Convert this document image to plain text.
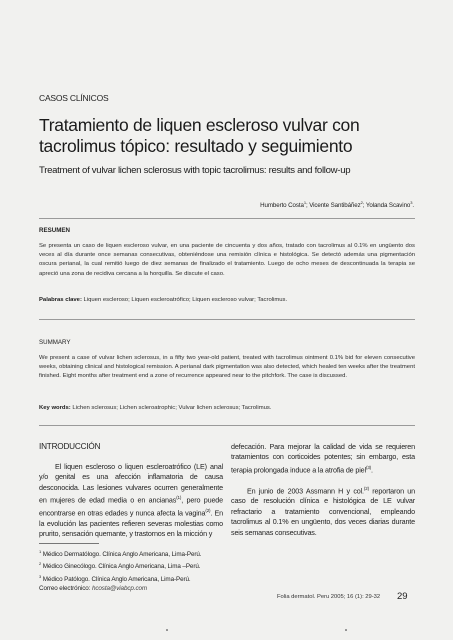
CASOS CLÍNICOS
Tratamiento de liquen escleroso vulvar con tacrolimus tópico: resultado y seguimiento
Treatment of vulvar lichen sclerosus with topic tacrolimus: results and follow-up
Humberto Costa$^1$; Vicente Santibáñez$^2$; Yolanda Scavino$^3$.
RESUMEN
Se presenta un caso de liquen escleroso vulvar, en una paciente de cincuenta y dos años, tratado con tacrolimus al 0.1% en ungüento dos veces al día durante once semanas consecutivas, obteniéndose una remisión clínica e histológica. Se detectó además una pigmentación oscura perianal, la cual remitió luego de diez semanas de finalizado el tratamiento. Luego de ocho meses de descontinuada la terapia se apreció una zona de recidiva cercana a la horquilla. Se discute el caso.
Palabras clave: Liquen escleroso; Liquen escleroatrófico; Liquen escleroso vulvar; Tacrolimus.
SUMMARY
We present a case of vulvar lichen sclerosus, in a fifty two year-old patient, treated with tacrolimus ointment 0.1% bid for eleven consecutive weeks, obtaining clinical and histological remission. A perianal dark pigmentation was also detected, which healed ten weeks after the treatment finished. Eight months after treatment end a zone of recurrence appeared near to the pitchfork. The case is discussed.
Key words: Lichen sclerosus; Lichen scleroatrophic; Vulvar lichen sclerosus; Tacrolimus.
INTRODUCCIÓN

El liquen escleroso o liquen escleroatrófico (LE) anal y/o genital es una afección inflamatoria de causa desconocida. Las lesiones vulvares ocurren generalmente en mujeres de edad media o en ancianas$^{(1)}$, pero puede encontrarse en otras edades y nunca afecta la vagina$^{(2)}$. En la evolución las pacientes refieren severas molestias como prurito, sensación quemante, y trastornos en la micción y

defecación. Para mejorar la calidad de vida se requieren tratamientos con corticoides potentes; sin embargo, esta terapia prolongada induce a la atrofia de piel$^{(3)}$.

En junio de 2003 Assmann H y col.$^{(2)}$ reportaron un caso de resolución clínica e histológica de LE vulvar refractario a tratamiento convencional, empleando tacrolimus al 0.1% en ungüento, dos veces diarias durante seis semanas consecutivas.

$^1$ Médico Dermatólogo. Clínica Anglo Americana, Lima-Perú.
$^2$ Médico Ginecólogo. Clínica Anglo Americana, Lima –Perú.
$^3$ Médico Patólogo. Clínica Anglo Americana, Lima-Perú.
Correo electrónico: hcosta@viabcp.com
Folia dermatol. Peru 2005; 16 (1): 29-32 29
